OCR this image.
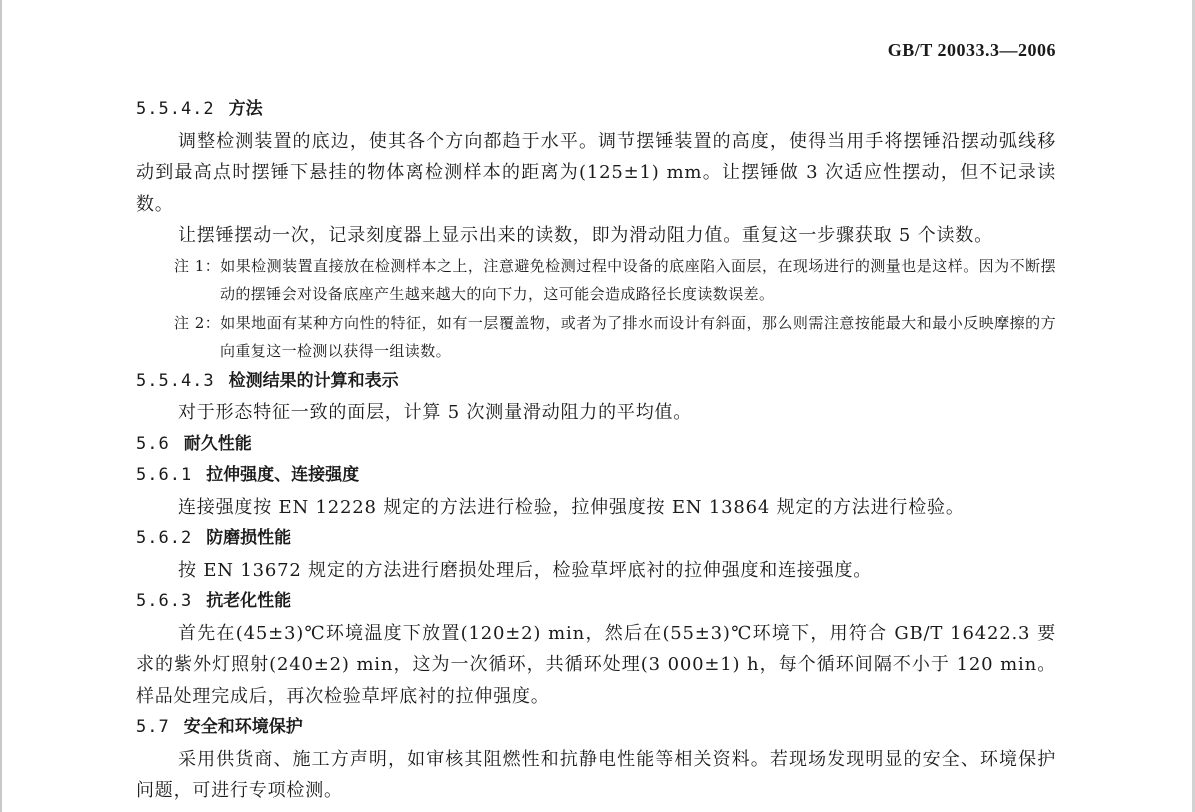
GB/T 20033.3—2006
5.5.4.2 方法
调整检测装置的底边，使其各个方向都趋于水平。调节摆锤装置的高度，使得当用手将摆锤沿摆动弧线移动到最高点时摆锤下悬挂的物体离检测样本的距离为(125±1) mm。让摆锤做 3 次适应性摆动，但不记录读数。
让摆锤摆动一次，记录刻度器上显示出来的读数，即为滑动阻力值。重复这一步骤获取 5 个读数。
注 1：如果检测装置直接放在检测样本之上，注意避免检测过程中设备的底座陷入面层，在现场进行的测量也是这样。因为不断摆动的摆锤会对设备底座产生越来越大的向下力，这可能会造成路径长度读数误差。
注 2：如果地面有某种方向性的特征，如有一层覆盖物，或者为了排水而设计有斜面，那么则需注意按能最大和最小反映摩擦的方向重复这一检测以获得一组读数。
5.5.4.3 检测结果的计算和表示
对于形态特征一致的面层，计算 5 次测量滑动阻力的平均值。
5.6 耐久性能
5.6.1 拉伸强度、连接强度
连接强度按 EN 12228 规定的方法进行检验，拉伸强度按 EN 13864 规定的方法进行检验。
5.6.2 防磨损性能
按 EN 13672 规定的方法进行磨损处理后，检验草坪底衬的拉伸强度和连接强度。
5.6.3 抗老化性能
首先在(45±3)℃环境温度下放置(120±2) min，然后在(55±3)℃环境下，用符合 GB/T 16422.3 要求的紫外灯照射(240±2) min，这为一次循环，共循环处理(3 000±1) h，每个循环间隔不小于 120 min。样品处理完成后，再次检验草坪底衬的拉伸强度。
5.7 安全和环境保护
采用供货商、施工方声明，如审核其阻燃性和抗静电性能等相关资料。若现场发现明显的安全、环境保护问题，可进行专项检测。
